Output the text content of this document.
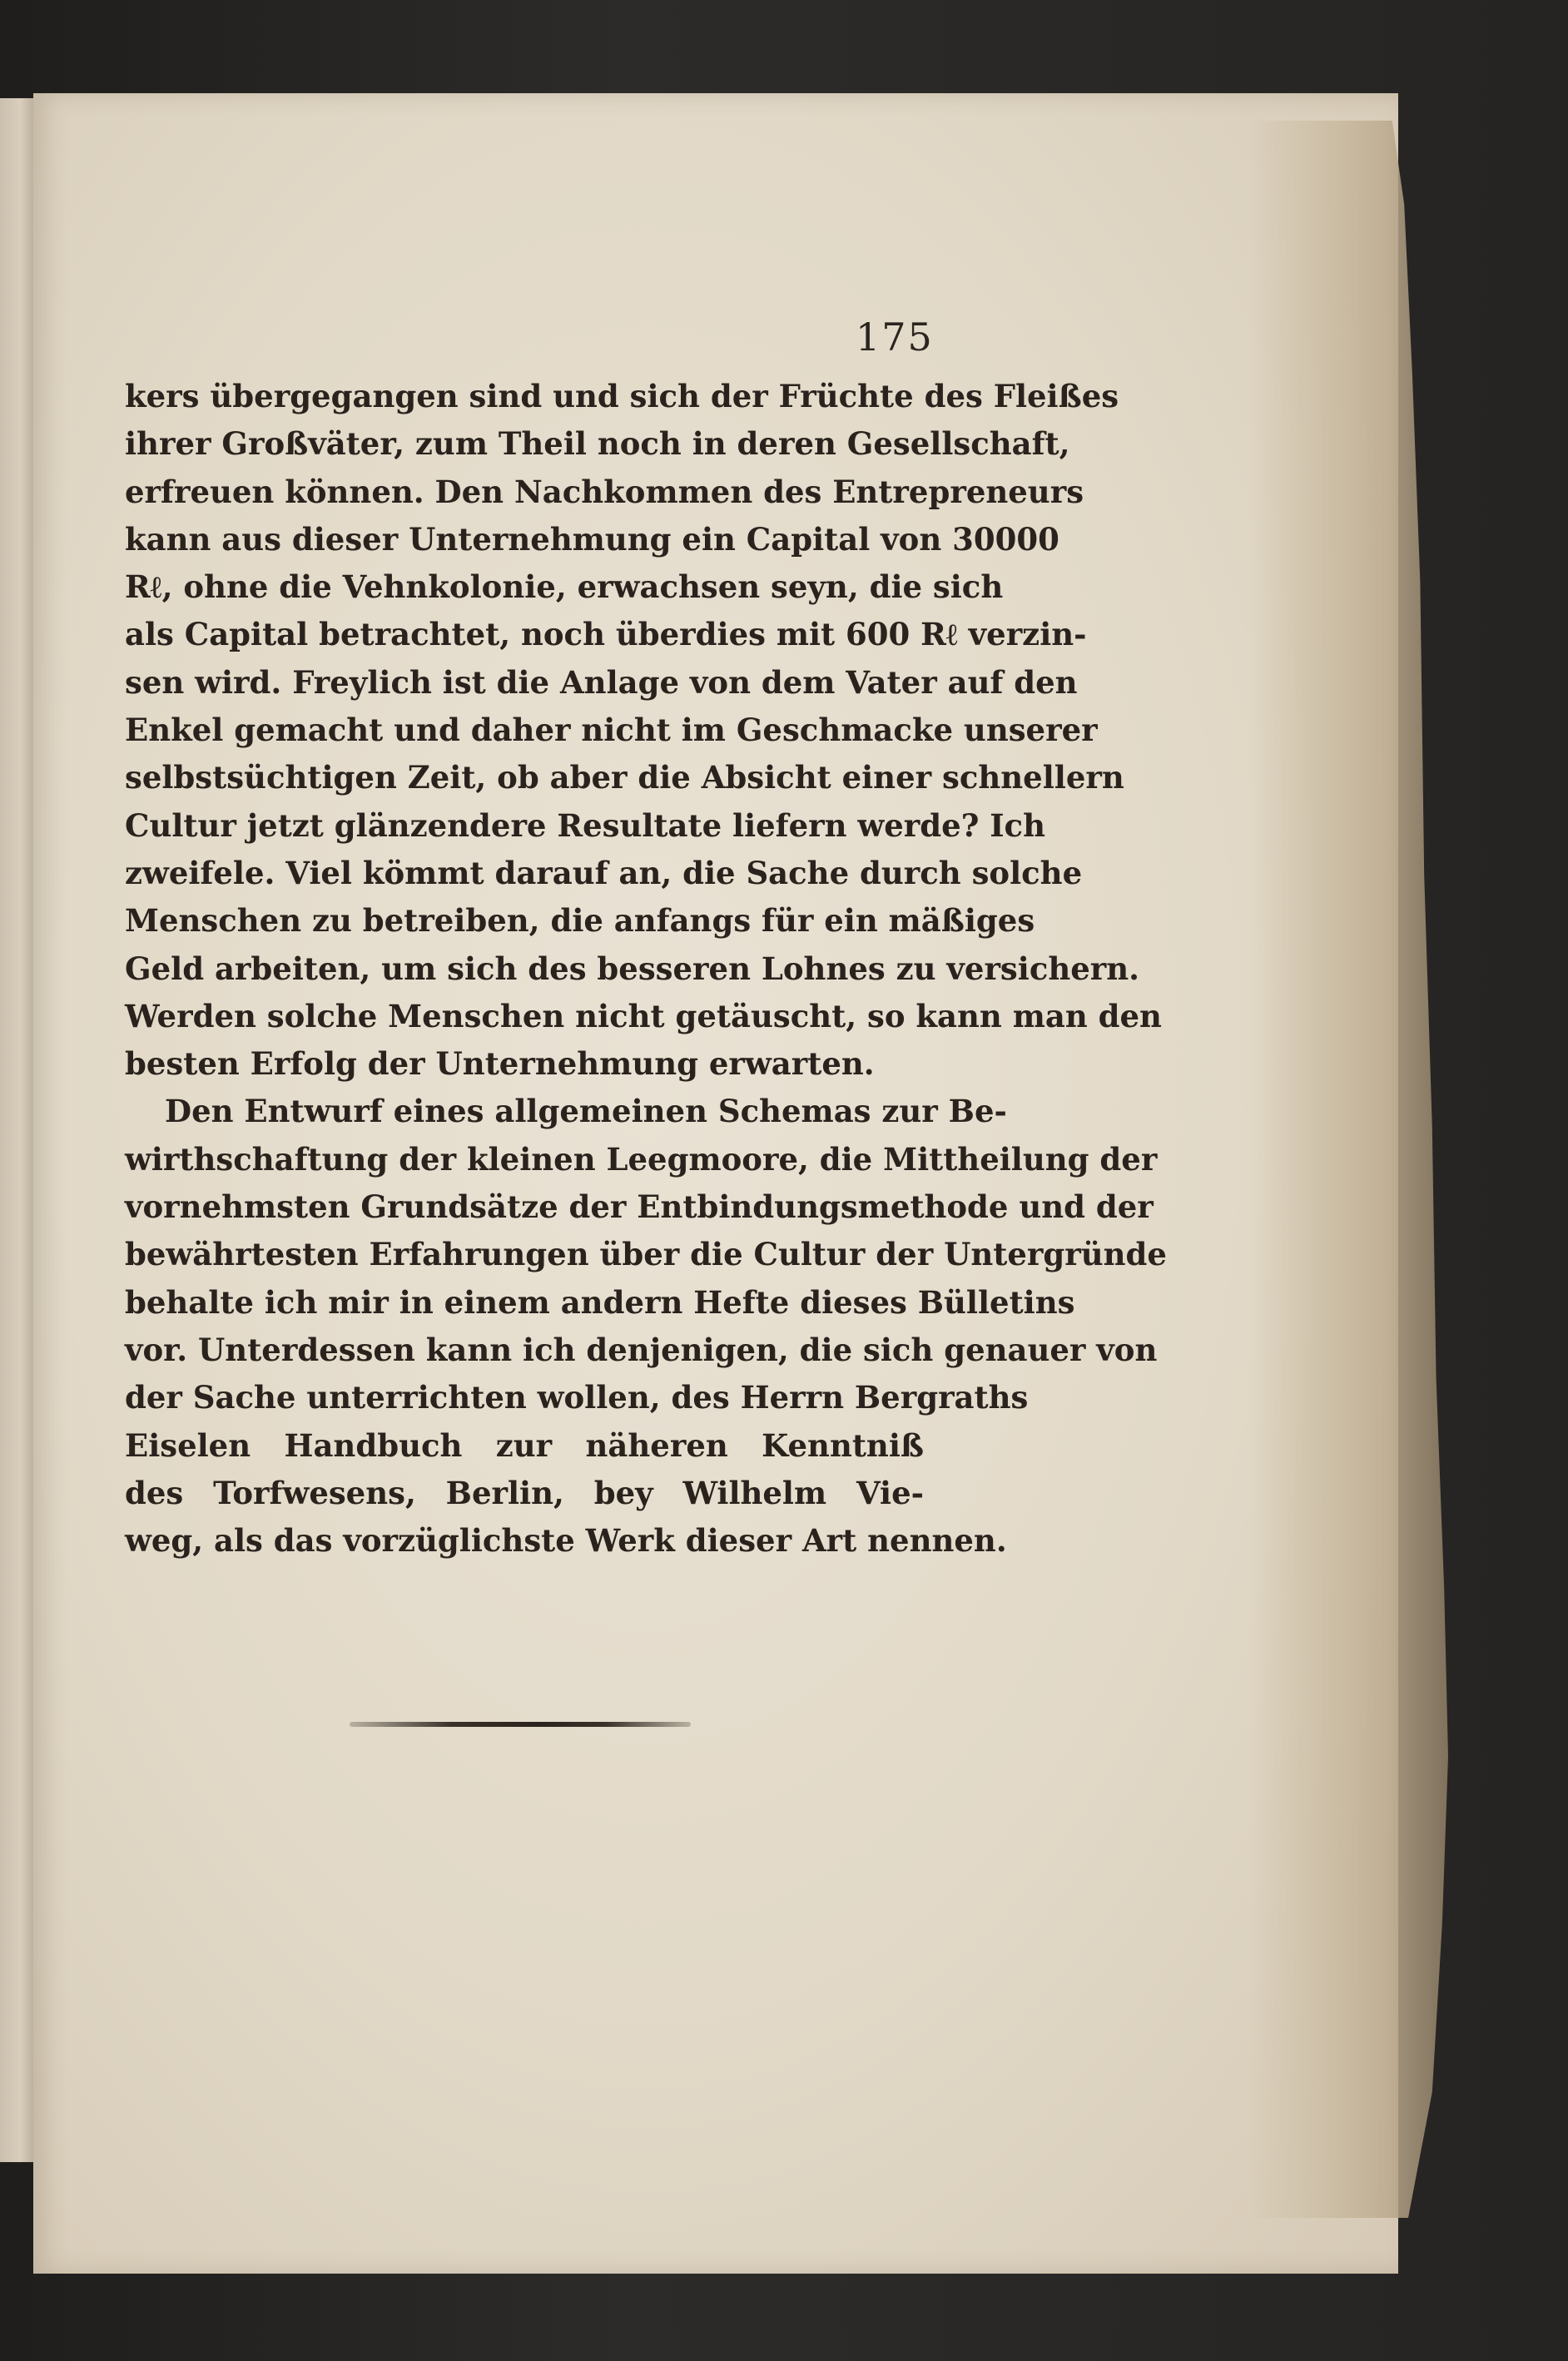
175
kers übergegangen sind und sich der Früchte des Fleißes
ihrer Großväter, zum Theil noch in deren Gesellschaft,
erfreuen können. Den Nachkommen des Entrepreneurs
kann aus dieser Unternehmung ein Capital von 30000
Rℓ, ohne die Vehnkolonie, erwachsen seyn, die sich
als Capital betrachtet, noch überdies mit 600 Rℓ verzin-
sen wird. Freylich ist die Anlage von dem Vater auf den
Enkel gemacht und daher nicht im Geschmacke unserer
selbstsüchtigen Zeit, ob aber die Absicht einer schnellern
Cultur jetzt glänzendere Resultate liefern werde? Ich
zweifele. Viel kömmt darauf an, die Sache durch solche
Menschen zu betreiben, die anfangs für ein mäßiges
Geld arbeiten, um sich des besseren Lohnes zu versichern.
Werden solche Menschen nicht getäuscht, so kann man den
besten Erfolg der Unternehmung erwarten.
Den Entwurf eines allgemeinen Schemas zur Be-
wirthschaftung der kleinen Leegmoore, die Mittheilung der
vornehmsten Grundsätze der Entbindungsmethode und der
bewährtesten Erfahrungen über die Cultur der Untergründe
behalte ich mir in einem andern Hefte dieses Bülletins
vor. Unterdessen kann ich denjenigen, die sich genauer von
der Sache unterrichten wollen, des Herrn Bergraths
Eiselen Handbuch zur näheren Kenntniß
des Torfwesens, Berlin, bey Wilhelm Vie-
weg, als das vorzüglichste Werk dieser Art nennen.
